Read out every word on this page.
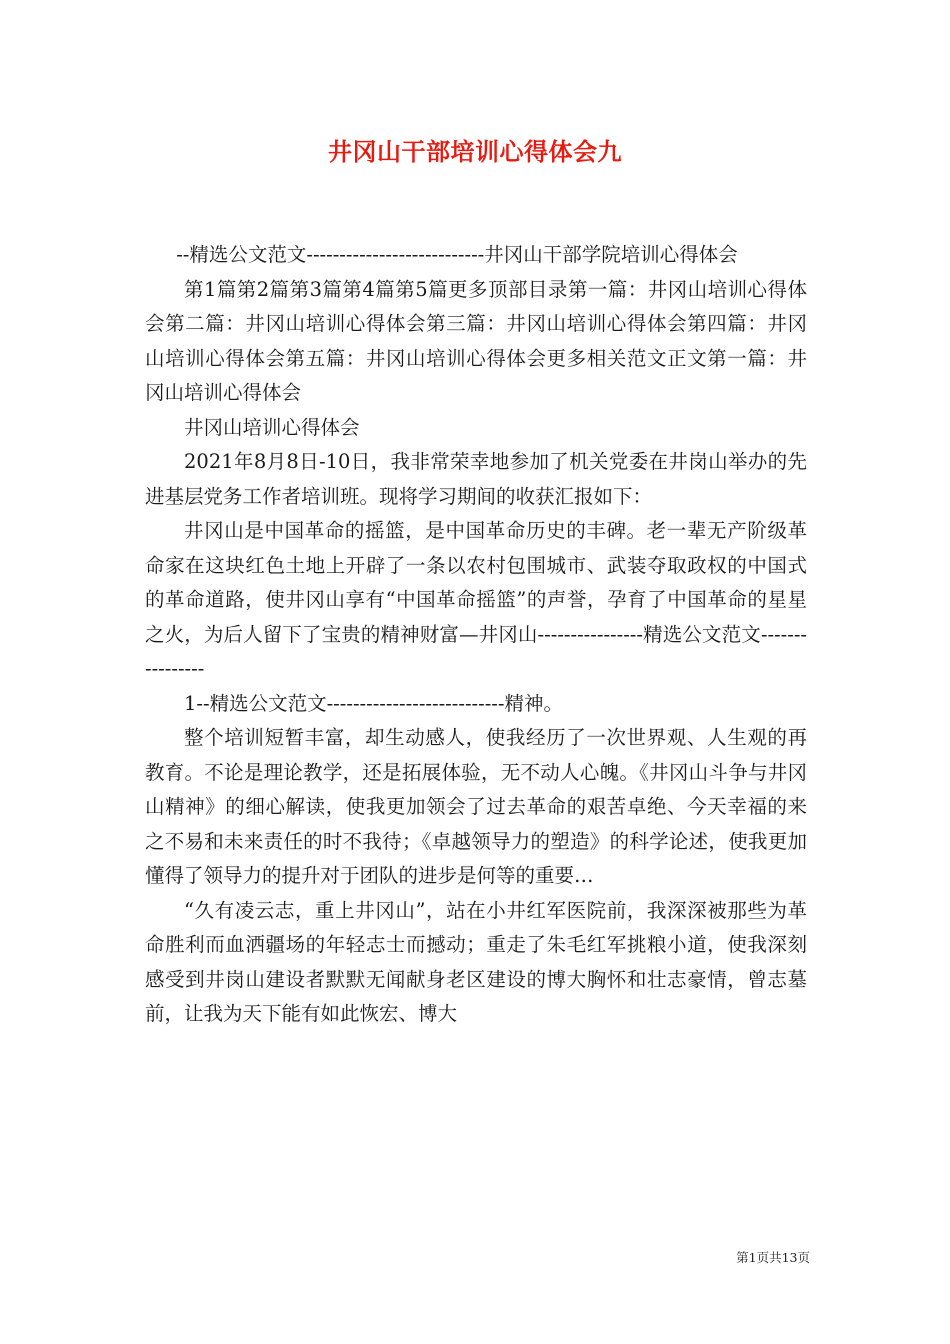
井冈山干部培训心得体会九

--精选公文范文---------------------------井冈山干部学院培训心得体会

第1篇第2篇第3篇第4篇第5篇更多顶部目录第一篇：井冈山培训心得体会第二篇：井冈山培训心得体会第三篇：井冈山培训心得体会第四篇：井冈山培训心得体会第五篇：井冈山培训心得体会更多相关范文正文第一篇：井冈山培训心得体会

井冈山培训心得体会

2021年8月8日-10日，我非常荣幸地参加了机关党委在井岗山举办的先进基层党务工作者培训班。现将学习期间的收获汇报如下：

井冈山是中国革命的摇篮，是中国革命历史的丰碑。老一辈无产阶级革命家在这块红色土地上开辟了一条以农村包围城市、武装夺取政权的中国式的革命道路，使井冈山享有“中国革命摇篮”的声誉，孕育了中国革命的星星之火，为后人留下了宝贵的精神财富—井冈山----------------精选公文范文----------------

1--精选公文范文---------------------------精神。

整个培训短暂丰富，却生动感人，使我经历了一次世界观、人生观的再教育。不论是理论教学，还是拓展体验，无不动人心魄。《井冈山斗争与井冈山精神》的细心解读，使我更加领会了过去革命的艰苦卓绝、今天幸福的来之不易和未来责任的时不我待；《卓越领导力的塑造》的科学论述，使我更加懂得了领导力的提升对于团队的进步是何等的重要…

“久有凌云志，重上井冈山”，站在小井红军医院前，我深深被那些为革命胜利而血洒疆场的年轻志士而撼动；重走了朱毛红军挑粮小道，使我深刻感受到井岗山建设者默默无闻献身老区建设的博大胸怀和壮志豪情，曾志墓前，让我为天下能有如此恢宏、博大

第1页共13页
